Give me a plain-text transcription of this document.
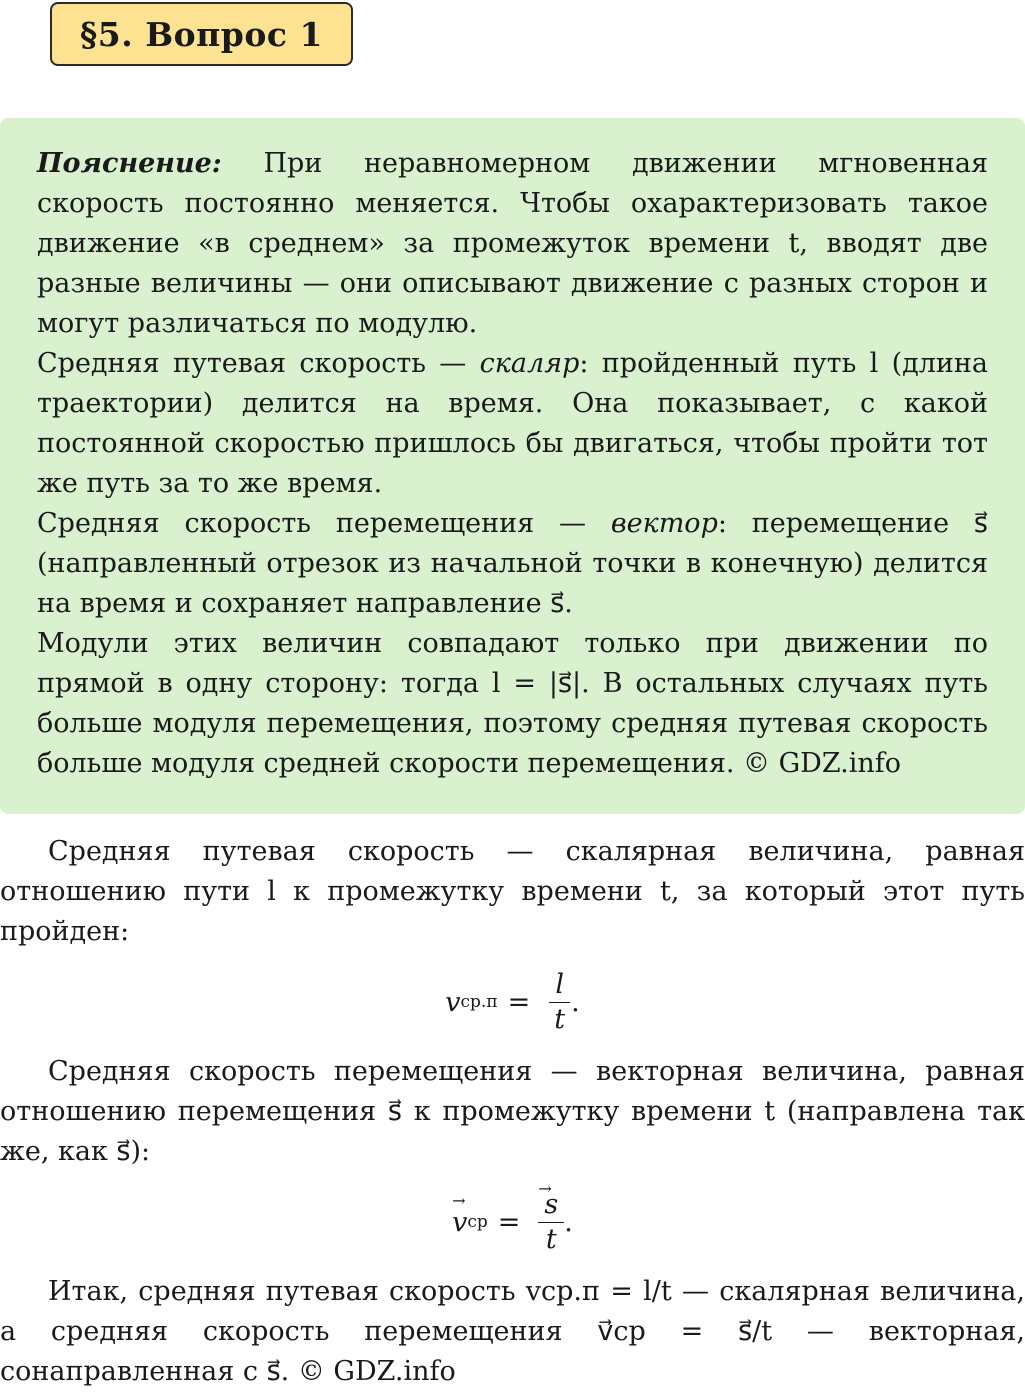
§5. Вопрос 1

Пояснение: При неравномерном движении мгновенная скорость постоянно меняется. Чтобы охарактеризовать такое движение «в среднем» за промежуток времени t, вводят две разные величины — они описывают движение с разных сторон и могут различаться по модулю.

Средняя путевая скорость — скаляр: пройденный путь l (длина траектории) делится на время. Она показывает, с какой постоянной скоростью пришлось бы двигаться, чтобы пройти тот же путь за то же время.

Средняя скорость перемещения — вектор: перемещение s⃗ (направленный отрезок из начальной точки в конечную) делится на время и сохраняет направление s⃗.

Модули этих величин совпадают только при движении по прямой в одну сторону: тогда l = |s⃗|. В остальных случаях путь больше модуля перемещения, поэтому средняя путевая скорость больше модуля средней скорости перемещения. © GDZ.info

Средняя путевая скорость — скалярная величина, равная отношению пути l к промежутку времени t, за который этот путь пройден:

v $ср.п = \frac{l}{t}$ .

Средняя скорость перемещения — векторная величина, равная отношению перемещения s⃗ к промежутку времени t (направлена так же, как s⃗):

→ v ср =
→ $\frac{s}{t}$ .

Итак, средняя путевая скорость vср.п = l/t — скалярная величина, а средняя скорость перемещения v⃗ср = s⃗/t — векторная, сонаправленная с s⃗. © GDZ.info
